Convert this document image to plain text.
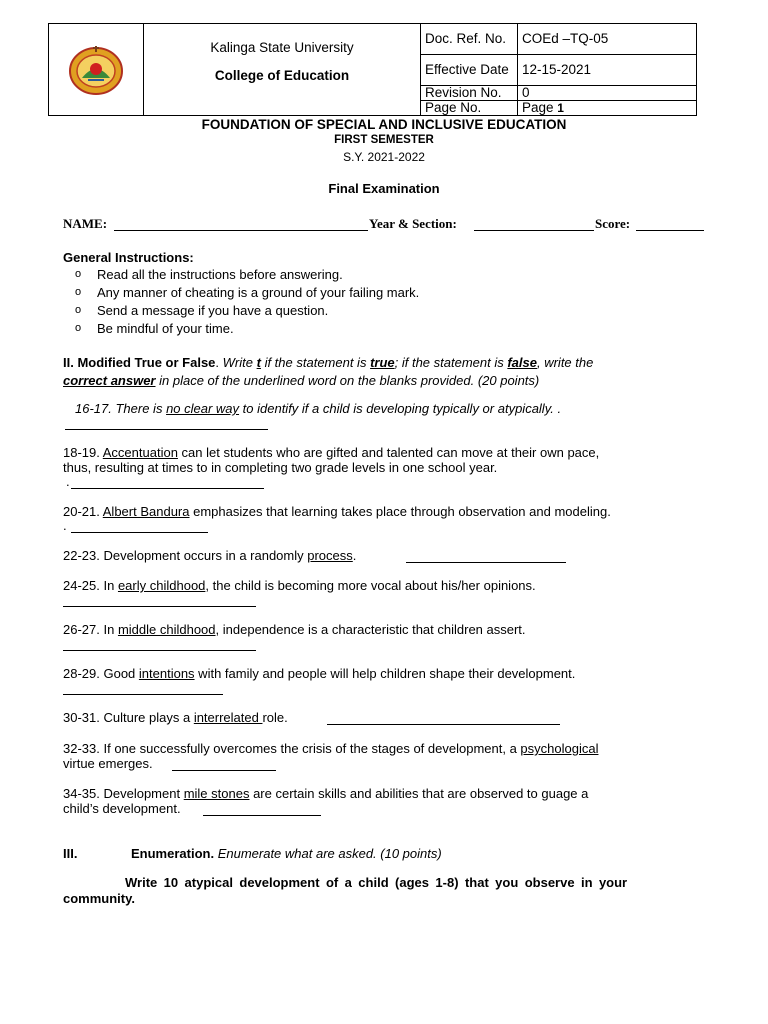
Kalinga State University
College of Education	Doc. Ref. No.	COEd –TQ-05
		Effective Date	12-15-2021
		Revision No.	0
		Page No.	Page 1
FOUNDATION OF SPECIAL AND INCLUSIVE EDUCATION
FIRST SEMESTER
S.Y. 2021-2022
Final Examination
NAME:	Year & Section:	Score:
General Instructions:
o Read all the instructions before answering.
o Any manner of cheating is a ground of your failing mark.
o Send a message if you have a question.
o Be mindful of your time.
II. Modified True or False. Write t if the statement is true; if the statement is false, write the
correct answer in place of the underlined word on the blanks provided. (20 points)
16-17. There is no clear way to identify if a child is developing typically or atypically. .
18-19. Accentuation can let students who are gifted and talented can move at their own pace,
thus, resulting at times to in completing two grade levels in one school year.
.
20-21. Albert Bandura emphasizes that learning takes place through observation and modeling.
.
22-23. Development occurs in a randomly process.
24-25. In early childhood, the child is becoming more vocal about his/her opinions.
26-27. In middle childhood, independence is a characteristic that children assert.
28-29. Good intentions with family and people will help children shape their development.
30-31. Culture plays a interrelated role.
32-33. If one successfully overcomes the crisis of the stages of development, a psychological
virtue emerges.
34-35. Development mile stones are certain skills and abilities that are observed to guage a
child’s development.
III.	Enumeration. Enumerate what are asked. (10 points)
Write 10 atypical development of a child (ages 1-8) that you observe in your
community.
